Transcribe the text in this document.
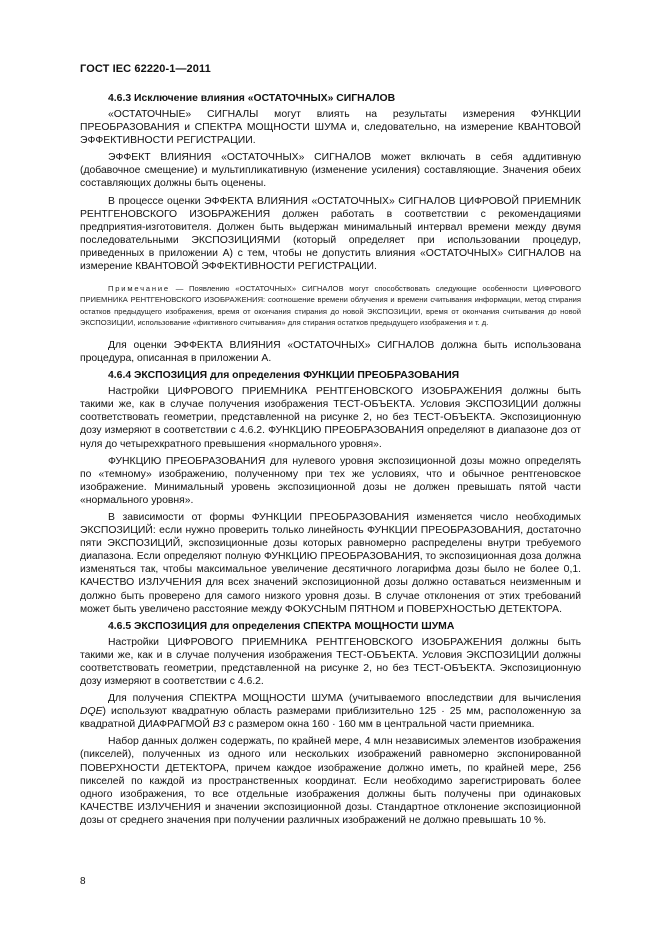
ГОСТ IEC 62220-1—2011
4.6.3 Исключение влияния «ОСТАТОЧНЫХ» СИГНАЛОВ

«ОСТАТОЧНЫЕ» СИГНАЛЫ могут влиять на результаты измерения ФУНКЦИИ ПРЕОБРАЗОВАНИЯ и СПЕКТРА МОЩНОСТИ ШУМА и, следовательно, на измерение КВАНТОВОЙ ЭФФЕКТИВНОСТИ РЕГИСТРАЦИИ.

ЭФФЕКТ ВЛИЯНИЯ «ОСТАТОЧНЫХ» СИГНАЛОВ может включать в себя аддитивную (добавочное смещение) и мультипликативную (изменение усиления) составляющие. Значения обеих составляющих должны быть оценены.

В процессе оценки ЭФФЕКТА ВЛИЯНИЯ «ОСТАТОЧНЫХ» СИГНАЛОВ ЦИФРОВОЙ ПРИЕМНИК РЕНТГЕНОВСКОГО ИЗОБРАЖЕНИЯ должен работать в соответствии с рекомендациями предприятия-изготовителя. Должен быть выдержан минимальный интервал времени между двумя последовательными ЭКСПОЗИЦИЯМИ (который определяет при использовании процедур, приведенных в приложении А) с тем, чтобы не допустить влияния «ОСТАТОЧНЫХ» СИГНАЛОВ на измерение КВАНТОВОЙ ЭФФЕКТИВНОСТИ РЕГИСТРАЦИИ.

Примечание — Появлению «ОСТАТОЧНЫХ» СИГНАЛОВ могут способствовать следующие особенности ЦИФРОВОГО ПРИЕМНИКА РЕНТГЕНОВСКОГО ИЗОБРАЖЕНИЯ: соотношение времени облучения и времени считывания информации, метод стирания остатков предыдущего изображения, время от окончания стирания до новой ЭКСПОЗИЦИИ, время от окончания считывания до новой ЭКСПОЗИЦИИ, использование «фиктивного считывания» для стирания остатков предыдущего изображения и т. д.

Для оценки ЭФФЕКТА ВЛИЯНИЯ «ОСТАТОЧНЫХ» СИГНАЛОВ должна быть использована процедура, описанная в приложении А.

4.6.4 ЭКСПОЗИЦИЯ для определения ФУНКЦИИ ПРЕОБРАЗОВАНИЯ

Настройки ЦИФРОВОГО ПРИЕМНИКА РЕНТГЕНОВСКОГО ИЗОБРАЖЕНИЯ должны быть такими же, как в случае получения изображения ТЕСТ-ОБЪЕКТА. Условия ЭКСПОЗИЦИИ должны соответствовать геометрии, представленной на рисунке 2, но без ТЕСТ-ОБЪЕКТА. Экспозиционную дозу измеряют в соответствии с 4.6.2. ФУНКЦИЮ ПРЕОБРАЗОВАНИЯ определяют в диапазоне доз от нуля до четырехкратного превышения «нормального уровня».

ФУНКЦИЮ ПРЕОБРАЗОВАНИЯ для нулевого уровня экспозиционной дозы можно определять по «темному» изображению, полученному при тех же условиях, что и обычное рентгеновское изображение. Минимальный уровень экспозиционной дозы не должен превышать пятой части «нормального уровня».

В зависимости от формы ФУНКЦИИ ПРЕОБРАЗОВАНИЯ изменяется число необходимых ЭКСПОЗИЦИЙ: если нужно проверить только линейность ФУНКЦИИ ПРЕОБРАЗОВАНИЯ, достаточно пяти ЭКСПОЗИЦИЙ, экспозиционные дозы которых равномерно распределены внутри требуемого диапазона. Если определяют полную ФУНКЦИЮ ПРЕОБРАЗОВАНИЯ, то экспозиционная доза должна изменяться так, чтобы максимальное увеличение десятичного логарифма дозы было не более 0,1. КАЧЕСТВО ИЗЛУЧЕНИЯ для всех значений экспозиционной дозы должно оставаться неизменным и должно быть проверено для самого низкого уровня дозы. В случае отклонения от этих требований может быть увеличено расстояние между ФОКУСНЫМ ПЯТНОМ и ПОВЕРХНОСТЬЮ ДЕТЕКТОРА.

4.6.5 ЭКСПОЗИЦИЯ для определения СПЕКТРА МОЩНОСТИ ШУМА

Настройки ЦИФРОВОГО ПРИЕМНИКА РЕНТГЕНОВСКОГО ИЗОБРАЖЕНИЯ должны быть такими же, как и в случае получения изображения ТЕСТ-ОБЪЕКТА. Условия ЭКСПОЗИЦИИ должны соответствовать геометрии, представленной на рисунке 2, но без ТЕСТ-ОБЪЕКТА. Экспозиционную дозу измеряют в соответствии с 4.6.2.

Для получения СПЕКТРА МОЩНОСТИ ШУМА (учитываемого впоследствии для вычисления DQE) используют квадратную область размерами приблизительно 125 · 25 мм, расположенную за квадратной ДИАФРАГМОЙ B3 с размером окна 160 · 160 мм в центральной части приемника.

Набор данных должен содержать, по крайней мере, 4 млн независимых элементов изображения (пикселей), полученных из одного или нескольких изображений равномерно экспонированной ПОВЕРХНОСТИ ДЕТЕКТОРА, причем каждое изображение должно иметь, по крайней мере, 256 пикселей по каждой из пространственных координат. Если необходимо зарегистрировать более одного изображения, то все отдельные изображения должны быть получены при одинаковых КАЧЕСТВЕ ИЗЛУЧЕНИЯ и значении экспозиционной дозы. Стандартное отклонение экспозиционной дозы от среднего значения при получении различных изображений не должно превышать 10 %.

8
